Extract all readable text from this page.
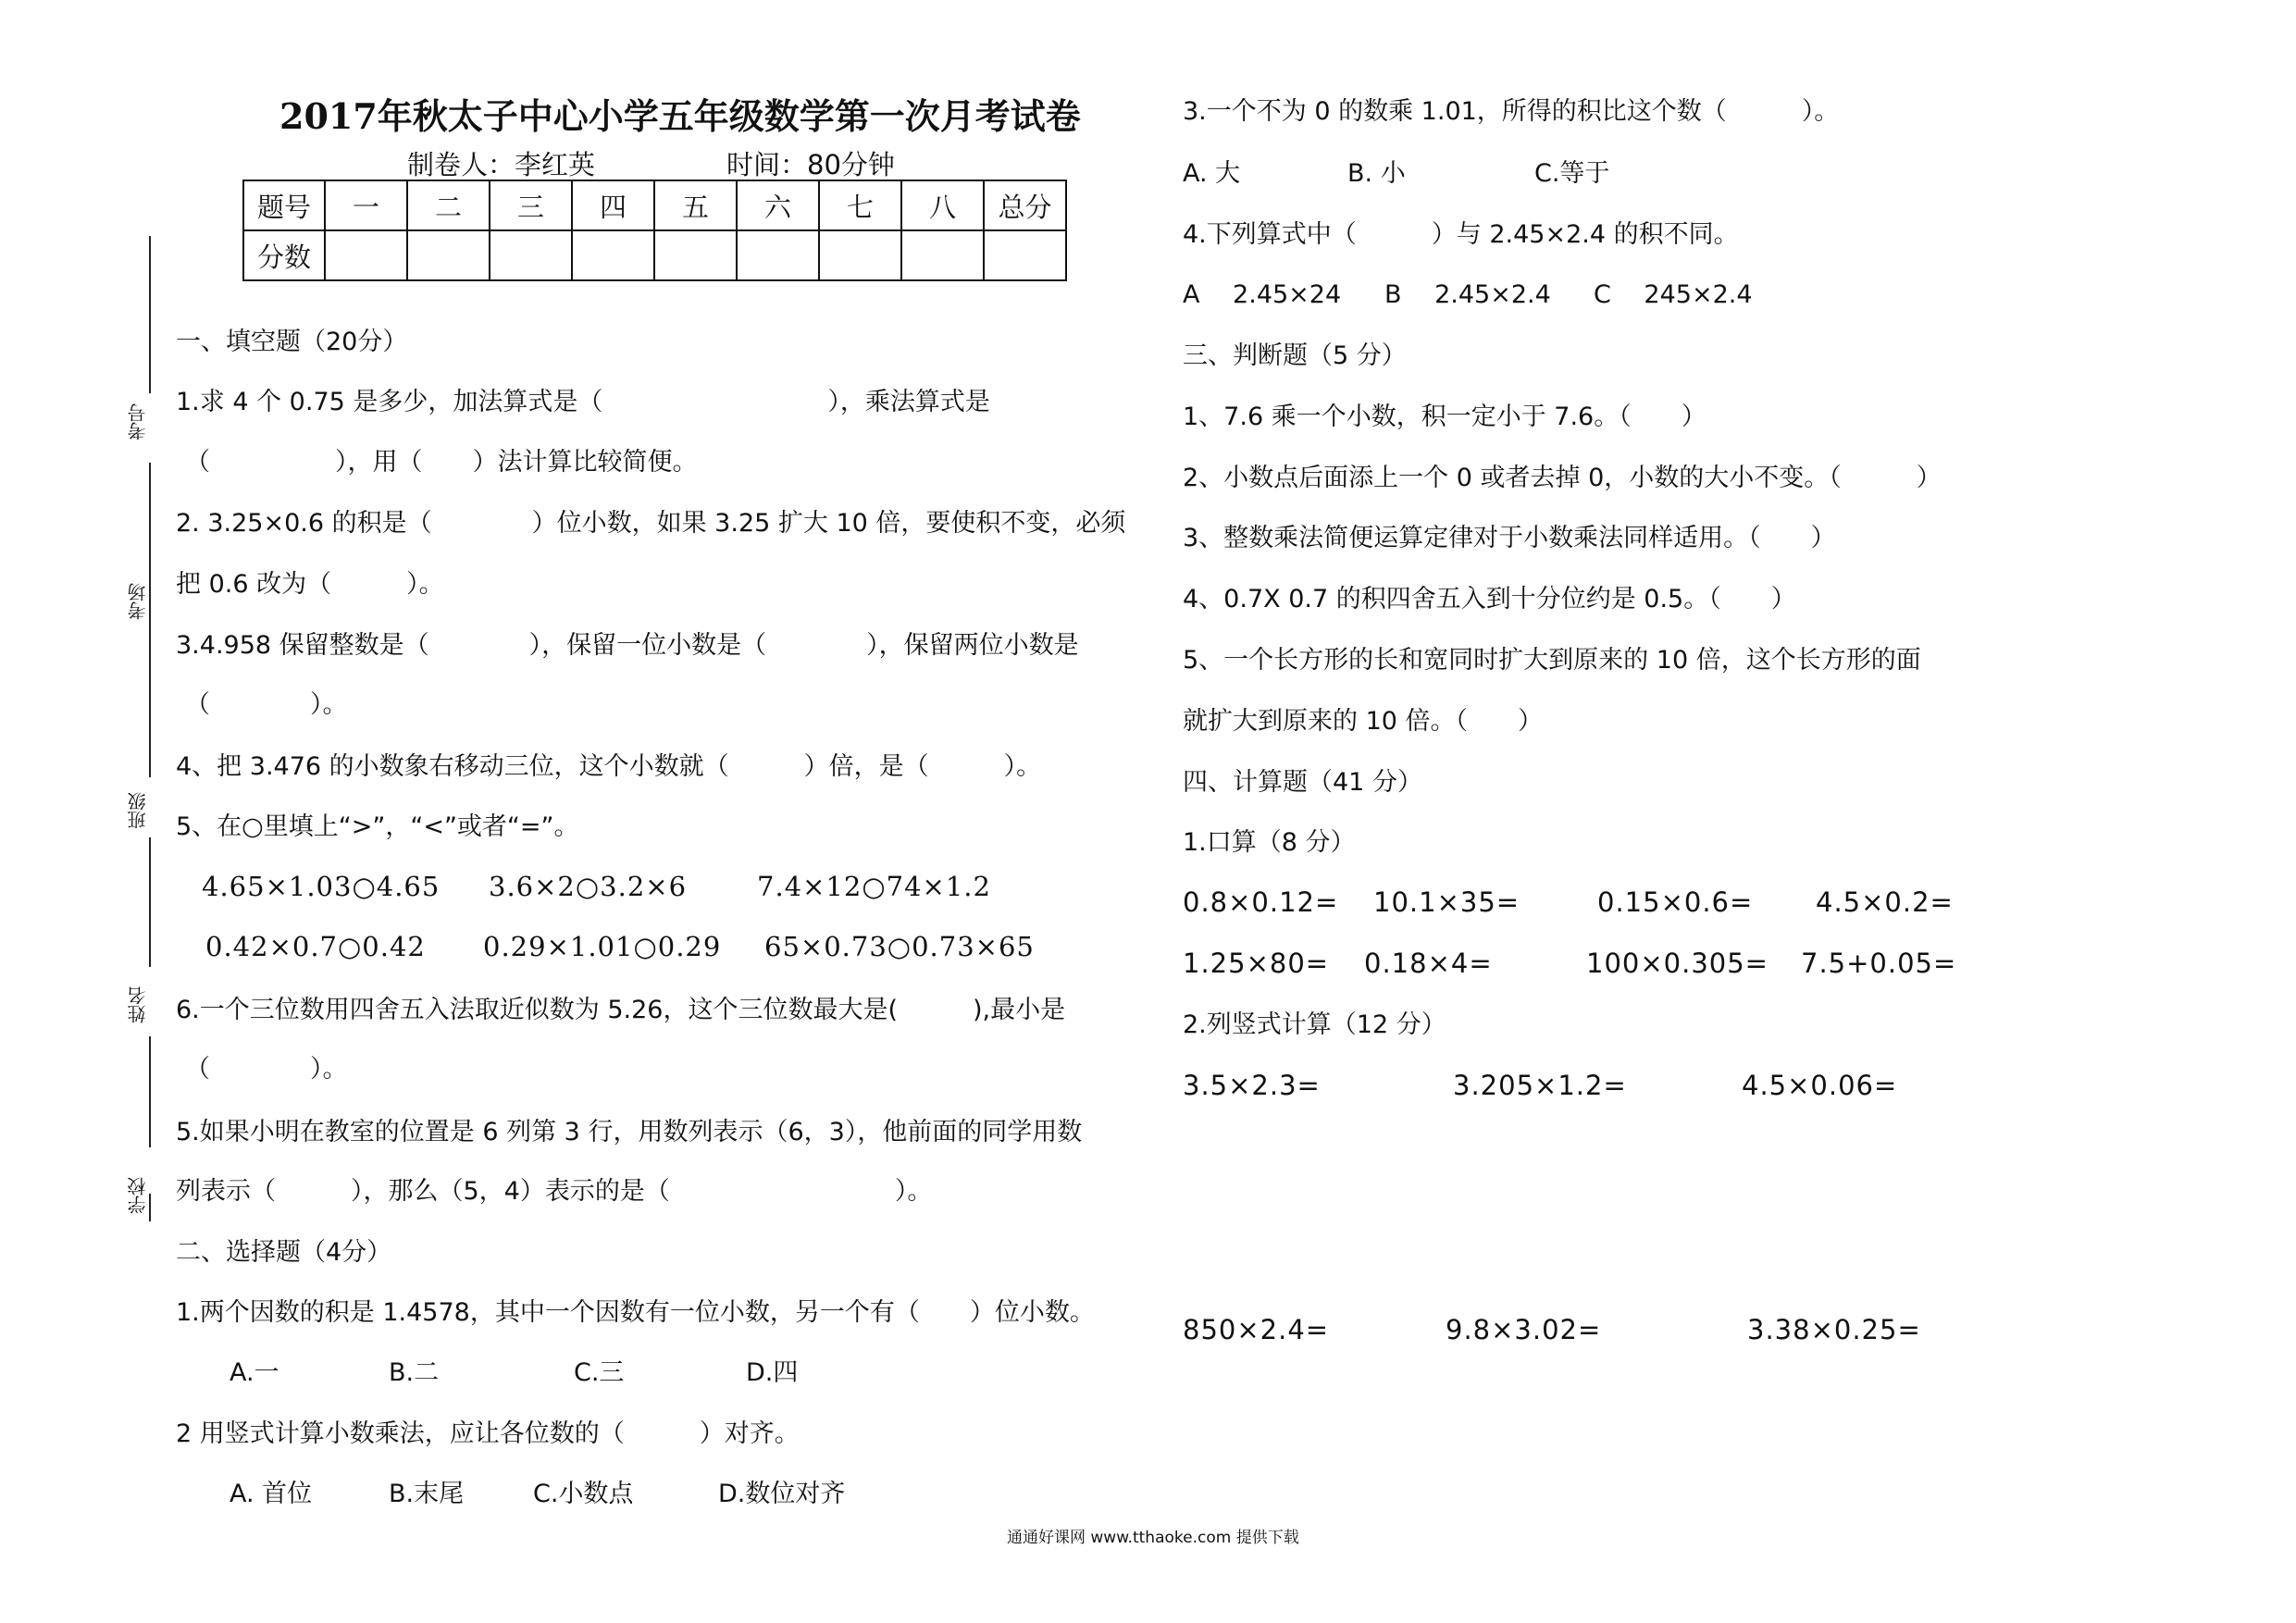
2017年秋太子中心小学五年级数学第一次月考试卷
制卷人：李红英	时间：80分钟
题号	一	二	三	四	五	六	七	八	总分
分数									
考号
考场
班级
姓名
学校
一、填空题（20分）
1.求 4 个 0.75 是多少，加法算式是（　　　　　　　　　），乘法算式是
（　　　　　），用（　　）法计算比较简便。
2. 3.25×0.6 的积是（　　　　）位小数，如果 3.25 扩大 10 倍，要使积不变，必须
把 0.6 改为（　　　）。
3.4.958 保留整数是（　　　　），保留一位小数是（　　　　），保留两位小数是
（　　　　）。
4、把 3.476 的小数象右移动三位，这个小数就（　　　）倍，是（　　　）。
5、在○里填上“>”，“<”或者“=”。
4.65×1.03○4.65 3.6×2○3.2×6	7.4×12○74×1.2
0.42×0.7○0.42 0.29×1.01○0.29 65×0.73○0.73×65
6.一个三位数用四舍五入法取近似数为 5.26，这个三位数最大是(　　　),最小是
（　　　　）。
5.如果小明在教室的位置是 6 列第 3 行，用数列表示（6，3），他前面的同学用数
列表示（　　　），那么（5，4）表示的是（　　　　　　　　　）。
二、选择题（4分）
1.两个因数的积是 1.4578，其中一个因数有一位小数，另一个有（　　）位小数。
A.一	B.二	C.三	D.四
2 用竖式计算小数乘法，应让各位数的（　　　）对齐。
A. 首位	B.末尾	C.小数点	D.数位对齐
3.一个不为 0 的数乘 1.01，所得的积比这个数（　　　）。
A. 大	B. 小	C.等于
4.下列算式中（　　　）与 2.45×2.4 的积不同。
A　 2.45×24 B　 2.45×2.4 C　 245×2.4
三、判断题（5 分）
1、7.6 乘一个小数，积一定小于 7.6。（　　）
2、小数点后面添上一个 0 或者去掉 0，小数的大小不变。（　　　）
3、整数乘法简便运算定律对于小数乘法同样适用。（　　）
4、0.7X 0.7 的积四舍五入到十分位约是 0.5。（　　）
5、一个长方形的长和宽同时扩大到原来的 10 倍，这个长方形的面
就扩大到原来的 10 倍。（　　）
四、计算题（41 分）
1.口算（8 分）
0.8×0.12= 10.1×35=	0.15×0.6= 4.5×0.2=
1.25×80= 0.18×4=	100×0.305= 7.5+0.05=
2.列竖式计算（12 分）
3.5×2.3=	3.205×1.2=	4.5×0.06=
850×2.4=	9.8×3.02=	3.38×0.25=
通通好课网 www.tthaoke.com 提供下载
